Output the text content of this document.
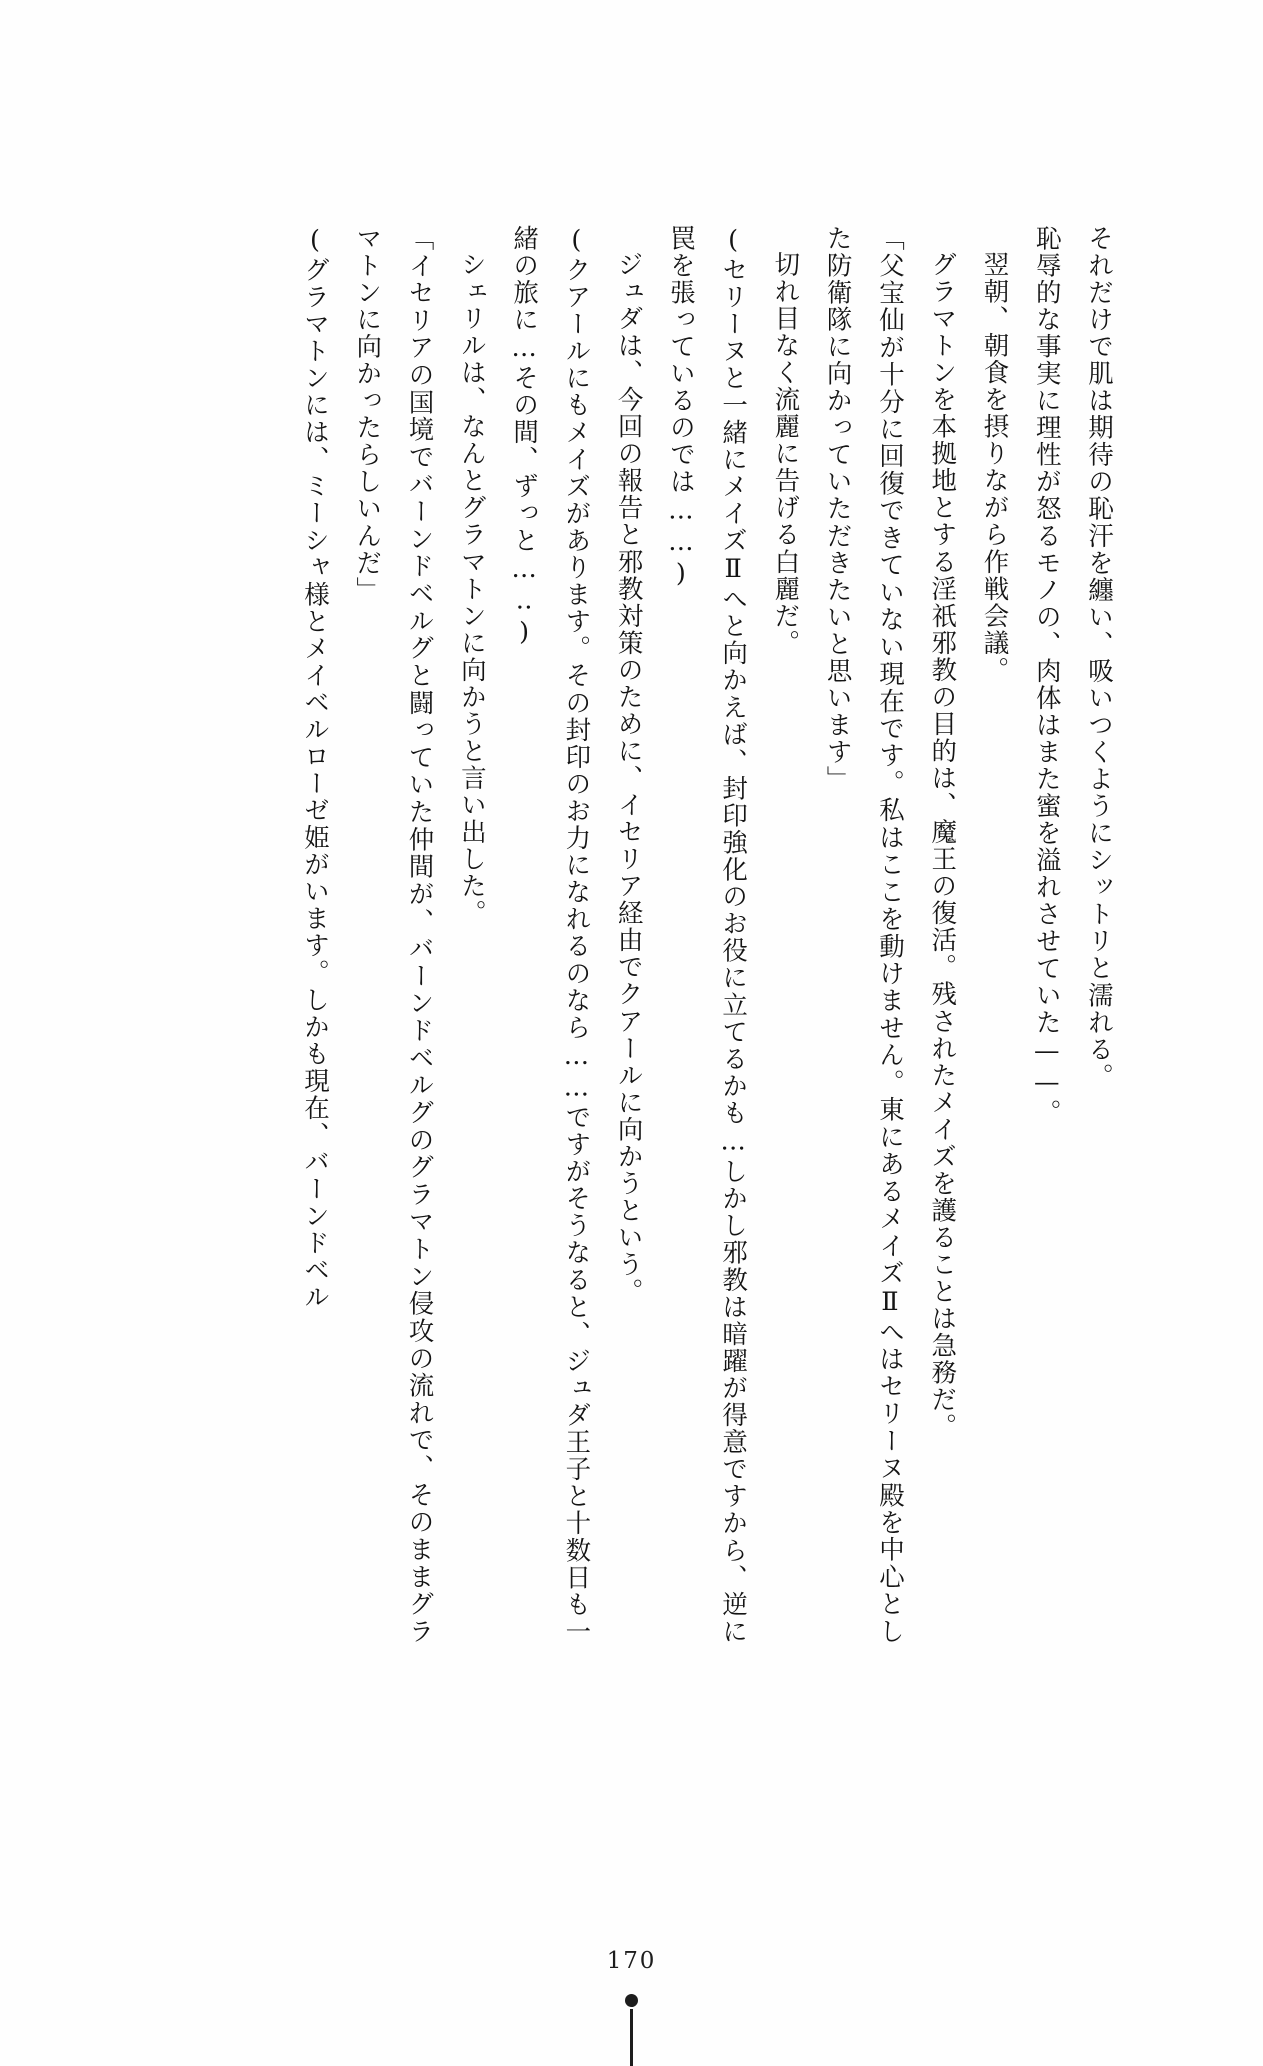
それだけで肌は期待の恥汗を纏い、吸いつくようにシットリと濡れる。

恥辱的な事実に理性が怒るモノの、肉体はまた蜜を溢れさせていた——。

翌朝、朝食を摂りながら作戦会議。

グラマトンを本拠地とする淫祇邪教の目的は、魔王の復活。残されたメイズを護ることは急務だ。

「父宝仙が十分に回復できていない現在です。私はここを動けません。東にあるメイズⅡへはセリーヌ殿を中心とした防衛隊に向かっていただきたいと思います」

切れ目なく流麗に告げる白麗だ。

(セリーヌと一緒にメイズⅡへと向かえば、封印強化のお役に立てるかも…しかし邪教は暗躍が得意ですから、逆に罠を張っているのでは……)

ジュダは、今回の報告と邪教対策のために、イセリア経由でクアールに向かうという。

(クアールにもメイズがあります。その封印のお力になれるのなら……ですがそうなると、ジュダ王子と十数日も一緒の旅に…その間、ずっと…‥)

シェリルは、なんとグラマトンに向かうと言い出した。

「イセリアの国境でバーンドベルグと闘っていた仲間が、バーンドベルグのグラマトン侵攻の流れで、そのままグラマトンに向かったらしいんだ」

(グラマトンには、ミーシャ様とメイベルローゼ姫がいます。しかも現在、バーンドベル

170
